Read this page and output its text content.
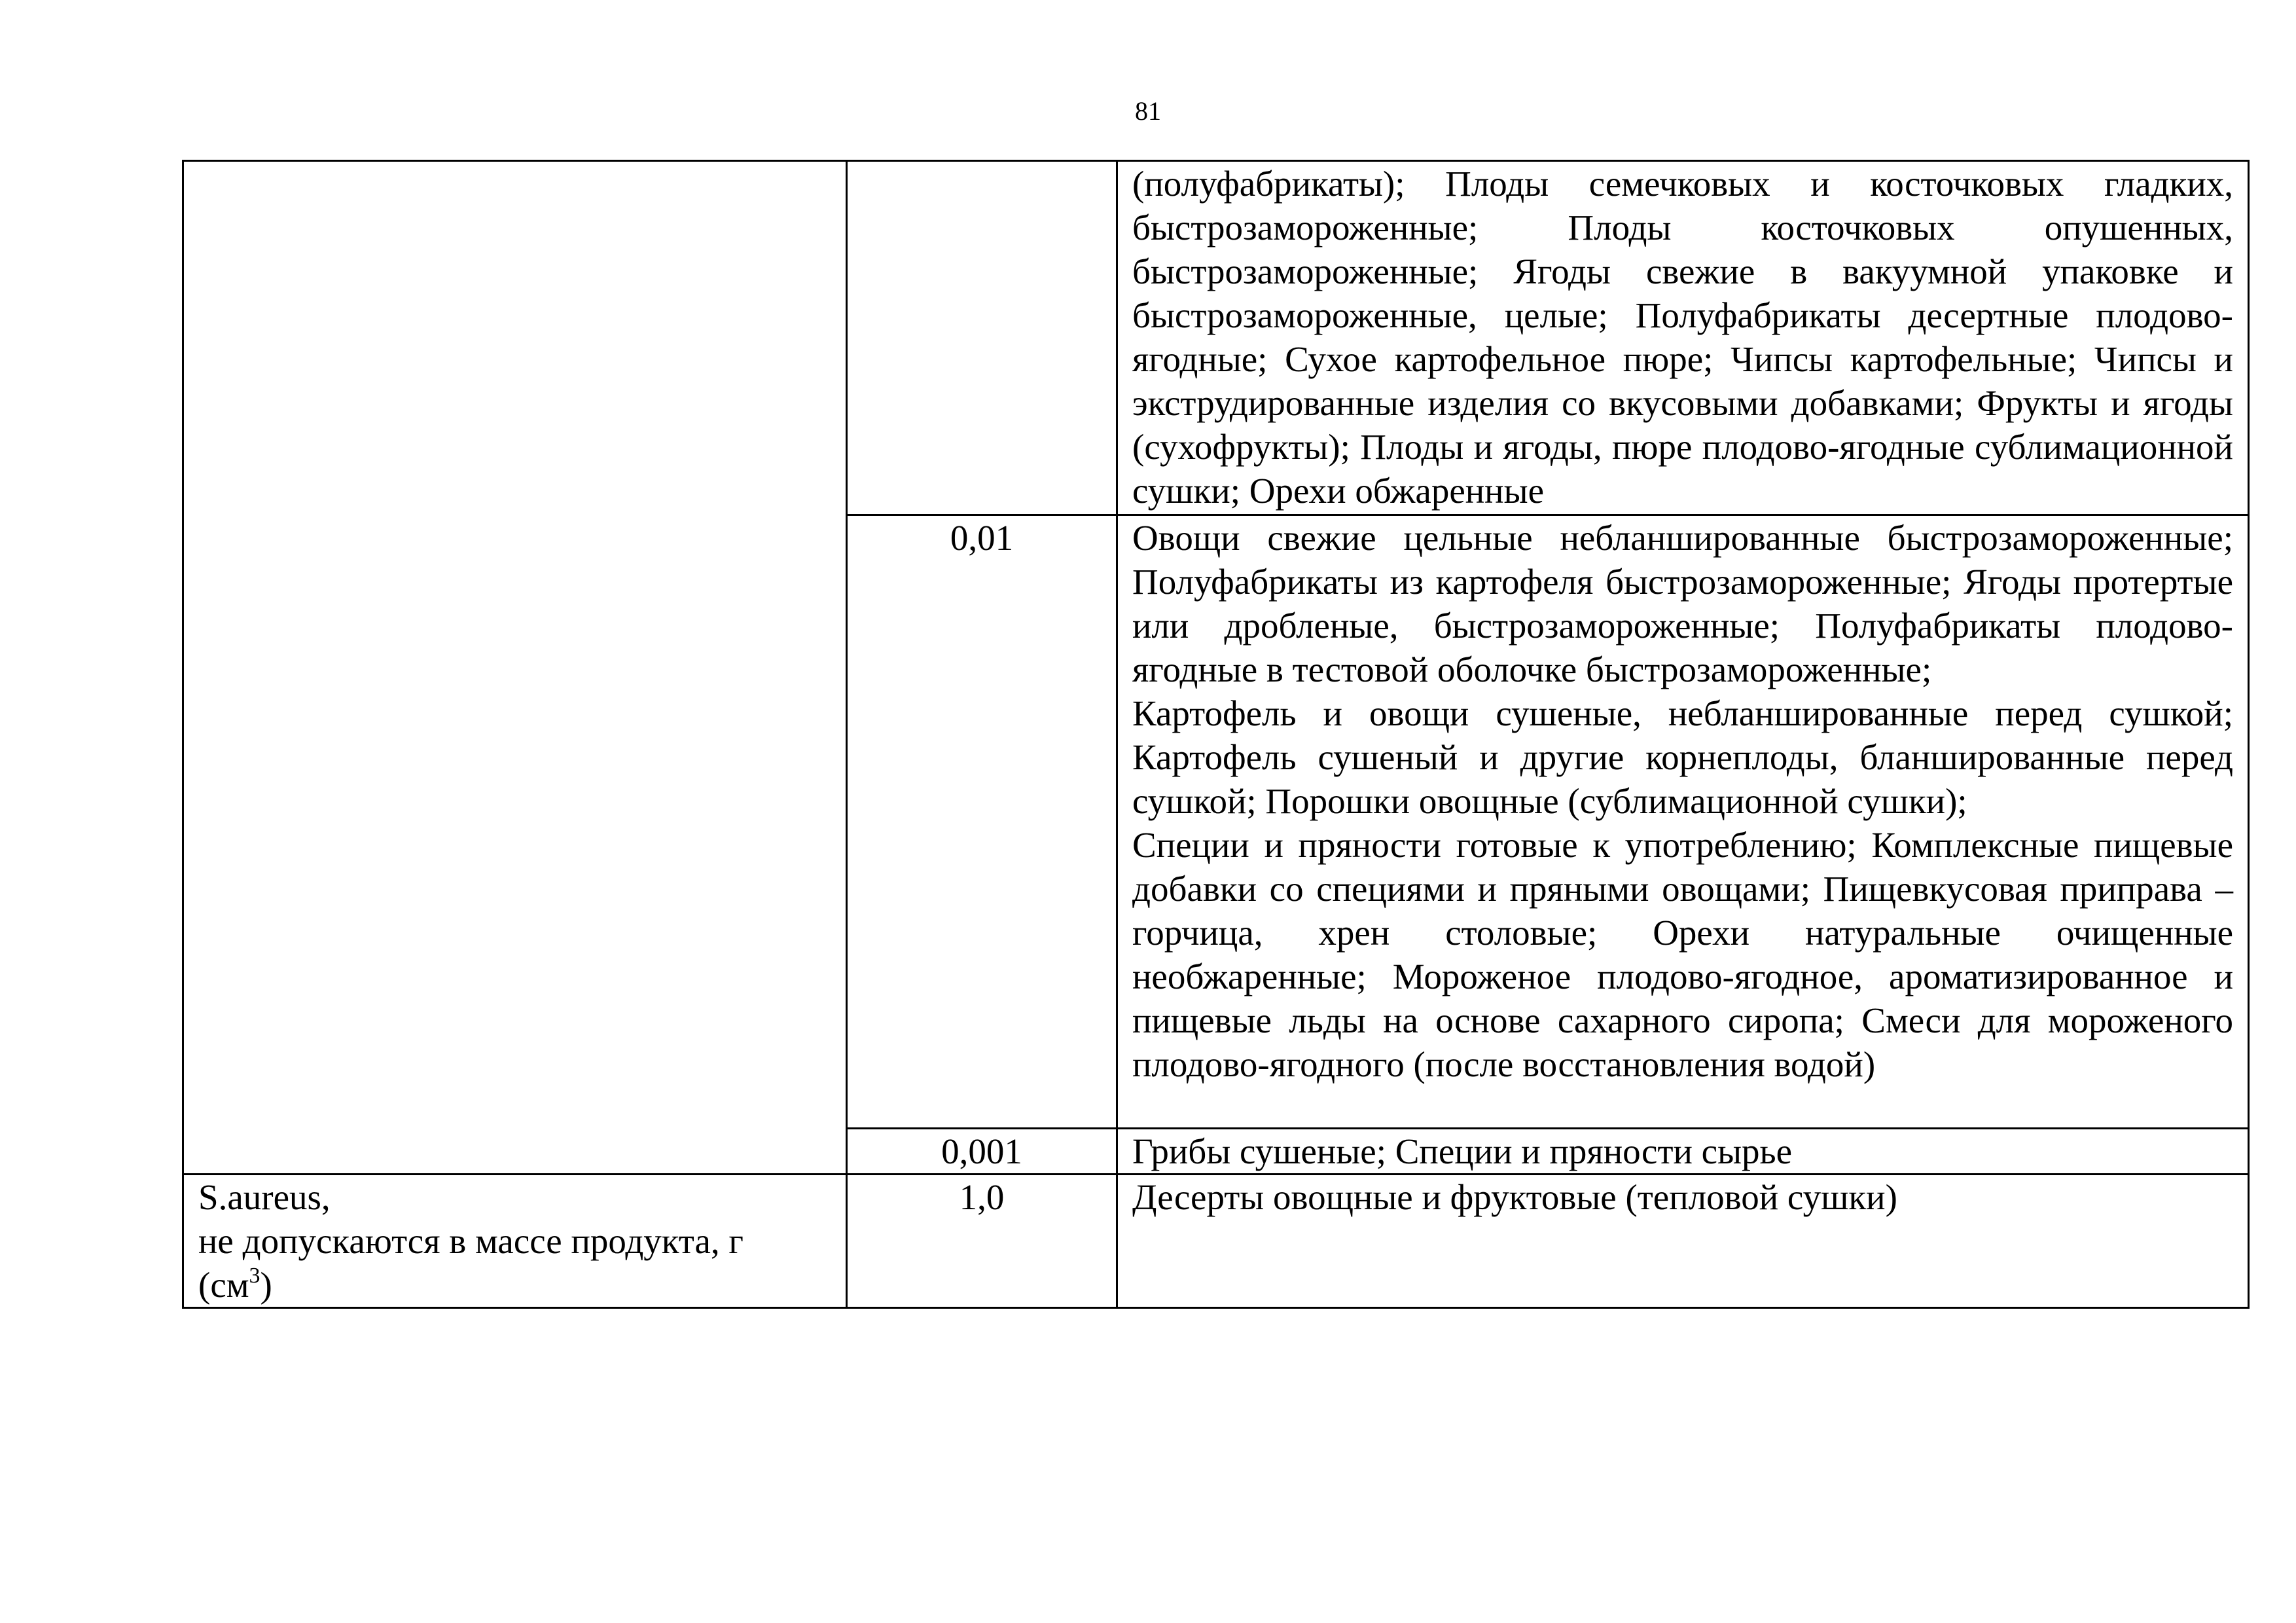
81
		(полуфабрикаты); Плоды семечковых и косточковых гладких, быстрозамороженные; Плоды косточковых опушенных, быстрозамороженные; Ягоды свежие в вакуумной упаковке и быстрозамороженные, целые; Полуфабрикаты десертные плодово-ягодные; Сухое картофельное пюре; Чипсы картофельные; Чипсы и экструдированные изделия со вкусовыми добавками; Фрукты и ягоды (сухофрукты); Плоды и ягоды, пюре плодово-ягодные сублимационной сушки; Орехи обжаренные
	0,01	Овощи свежие цельные небланшированные быстрозамороженные; Полуфабрикаты из картофеля быстрозамороженные; Ягоды протертые или дробленые, быстрозамороженные; Полуфабрикаты плодово-ягодные в тестовой оболочке быстрозамороженные;
Картофель и овощи сушеные, небланшированные перед сушкой; Картофель сушеный и другие корнеплоды, бланшированные перед сушкой; Порошки овощные (сублимационной сушки);
Специи и пряности готовые к употреблению; Комплексные пищевые добавки со специями и пряными овощами; Пищевкусовая приправа – горчица, хрен столовые; Орехи натуральные очищенные необжаренные; Мороженое плодово-ягодное, ароматизированное и пищевые льды на основе сахарного сиропа; Смеси для мороженого плодово-ягодного (после восстановления водой)

	0,001	Грибы сушеные; Специи и пряности сырье

S.aureus,
не допускаются в массе продукта, г
$(см^3)$	1,0	Десерты овощные и фруктовые (тепловой сушки)
